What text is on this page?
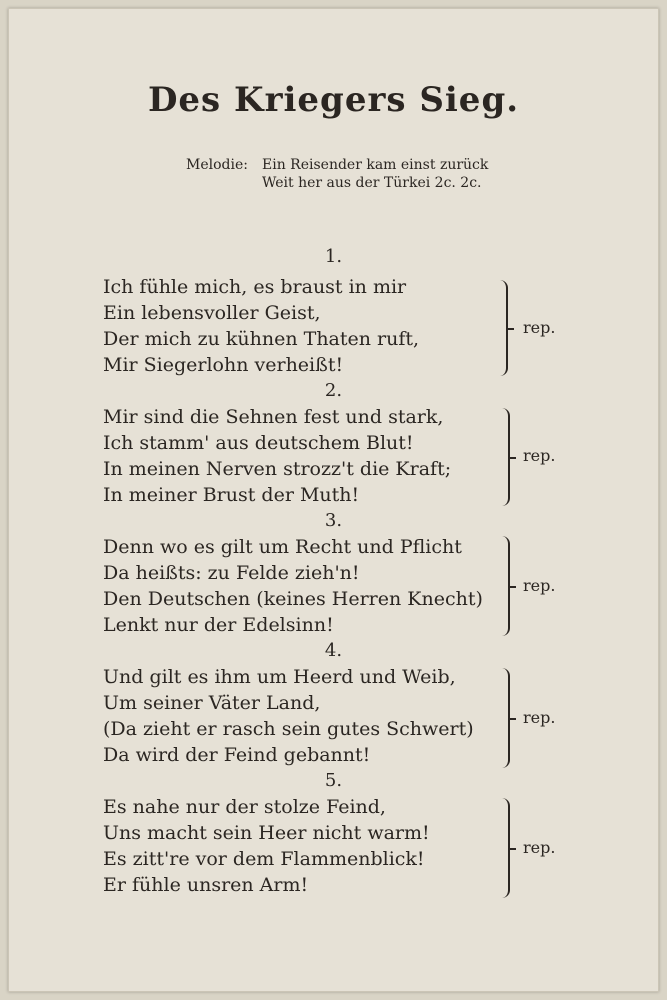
Des Kriegers Sieg.
Melodie: Ein Reisender kam einst zurück
Weit her aus der Türkei 2c. 2c.
1.
Ich fühle mich, es braust in mir
Ein lebensvoller Geist,
Der mich zu kühnen Thaten ruft,
Mir Siegerlohn verheißt!
rep.
2.
Mir sind die Sehnen fest und stark,
Ich stamm' aus deutschem Blut!
In meinen Nerven strozz't die Kraft;
In meiner Brust der Muth!
rep.
3.
Denn wo es gilt um Recht und Pflicht
Da heißts: zu Felde zieh'n!
Den Deutschen (keines Herren Knecht)
Lenkt nur der Edelsinn!
rep.
4.
Und gilt es ihm um Heerd und Weib,
Um seiner Väter Land,
(Da zieht er rasch sein gutes Schwert)
Da wird der Feind gebannt!
rep.
5.
Es nahe nur der stolze Feind,
Uns macht sein Heer nicht warm!
Es zitt're vor dem Flammenblick!
Er fühle unsren Arm!
rep.
